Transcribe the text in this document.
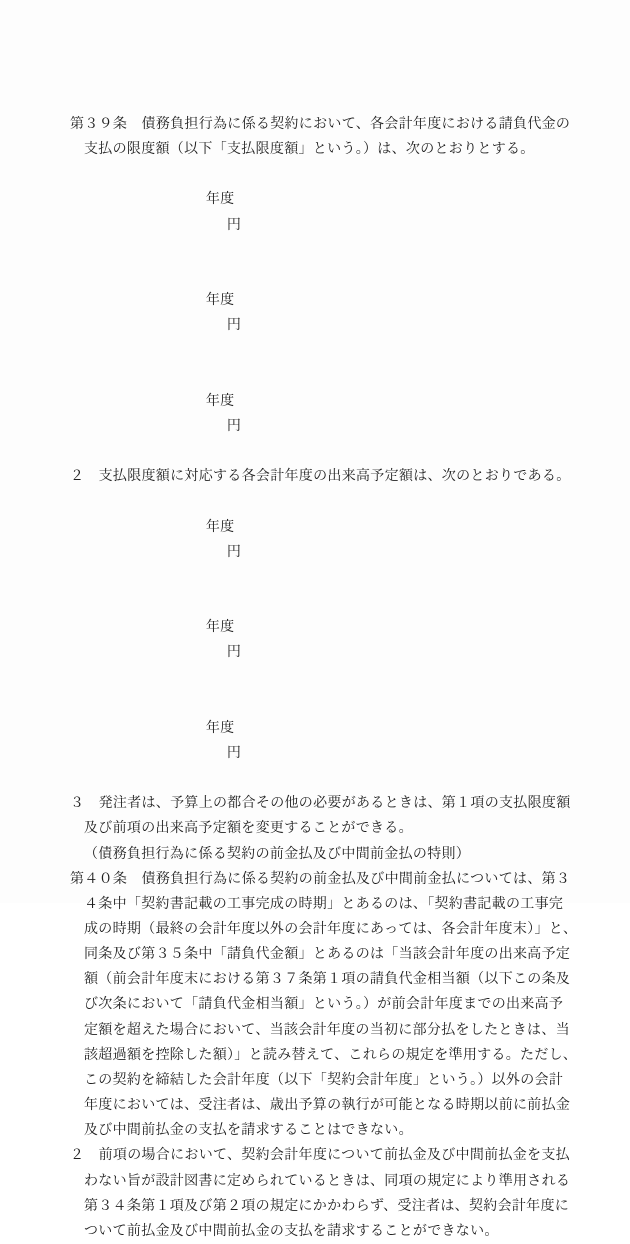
第３９条　債務負担行為に係る契約において、各会計年度における請負代金の
支払の限度額（以下「支払限度額」という。）は、次のとおりとする。

年度
円

年度
円

年度
円

２　支払限度額に対応する各会計年度の出来高予定額は、次のとおりである。

年度
円

年度
円

年度
円

３　発注者は、予算上の都合その他の必要があるときは、第１項の支払限度額
及び前項の出来高予定額を変更することができる。
（債務負担行為に係る契約の前金払及び中間前金払の特則）
第４０条　債務負担行為に係る契約の前金払及び中間前金払については、第３
４条中「契約書記載の工事完成の時期」とあるのは、「契約書記載の工事完
成の時期（最終の会計年度以外の会計年度にあっては、各会計年度末）」と、
同条及び第３５条中「請負代金額」とあるのは「当該会計年度の出来高予定
額（前会計年度末における第３７条第１項の請負代金相当額（以下この条及
び次条において「請負代金相当額」という。）が前会計年度までの出来高予
定額を超えた場合において、当該会計年度の当初に部分払をしたときは、当
該超過額を控除した額）」と読み替えて、これらの規定を準用する。ただし、
この契約を締結した会計年度（以下「契約会計年度」という。）以外の会計
年度においては、受注者は、歳出予算の執行が可能となる時期以前に前払金
及び中間前払金の支払を請求することはできない。
２　前項の場合において、契約会計年度について前払金及び中間前払金を支払
わない旨が設計図書に定められているときは、同項の規定により準用される
第３４条第１項及び第２項の規定にかかわらず、受注者は、契約会計年度に
ついて前払金及び中間前払金の支払を請求することができない。
